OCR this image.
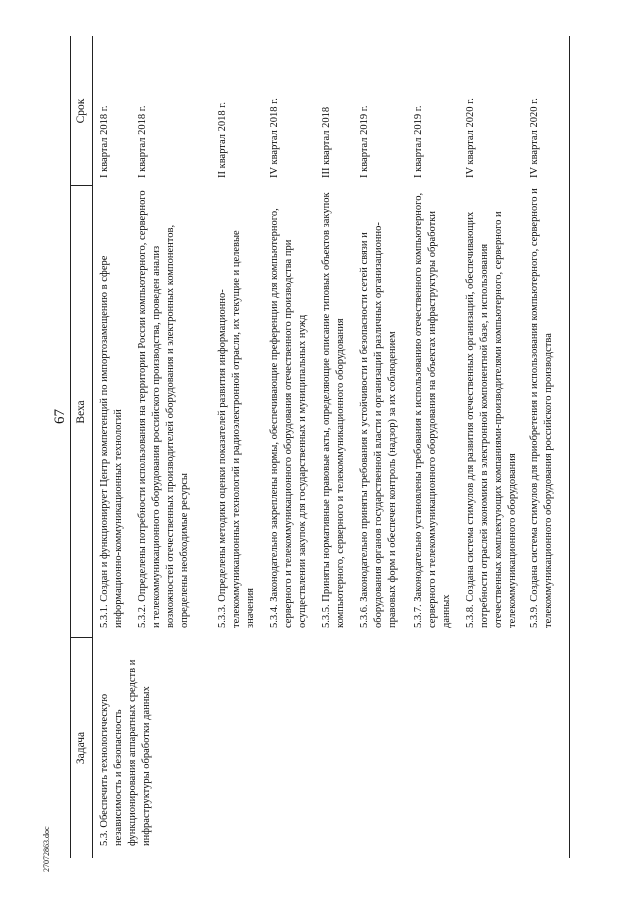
67
27072863.doc
Задача
Веха
Срок
5.3. Обеспечить технологическую независимость и безопасность функционирования аппаратных средств и инфраструктуры обработки данных
5.3.1. Создан и функционирует Центр компетенций по импортозамещению в сфере информационно-коммуникационных технологий
I квартал 2018 г.
5.3.2. Определены потребности использования на территории России компьютерного, серверного и телекоммуникационного оборудования российского производства, проведен анализ возможностей отечественных производителей оборудования и электронных компонентов, определены необходимые ресурсы
I квартал 2018 г.
5.3.3. Определены методики оценки показателей развития информационно-телекоммуникационных технологий и радиоэлектронной отрасли, их текущие и целевые значения
II квартал 2018 г.
5.3.4. Законодательно закреплены нормы, обеспечивающие преференции для компьютерного, серверного и телекоммуникационного оборудования отечественного производства при осуществлении закупок для государственных и муниципальных нужд
IV квартал 2018 г.
5.3.5. Приняты нормативные правовые акты, определяющие описание типовых объектов закупок компьютерного, серверного и телекоммуникационного оборудования
III квартал 2018
5.3.6. Законодательно приняты требования к устойчивости и безопасности сетей связи и оборудования органов государственной власти и организаций различных организационно-правовых форм и обеспечен контроль (надзор) за их соблюдением
I квартал 2019 г.
5.3.7. Законодательно установлены требования к использованию отечественного компьютерного, серверного и телекоммуникационного оборудования на объектах инфраструктуры обработки данных
I квартал 2019 г.
5.3.8. Создана система стимулов для развития отечественных организаций, обеспечивающих потребности отраслей экономики в электронной компонентной базе, и использования отечественных комплектующих компаниями-производителями компьютерного, серверного и телекоммуникационного оборудования
IV квартал 2020 г.
5.3.9. Создана система стимулов для приобретения и использования компьютерного, серверного и телекоммуникационного оборудования российского производства
IV квартал 2020 г.
